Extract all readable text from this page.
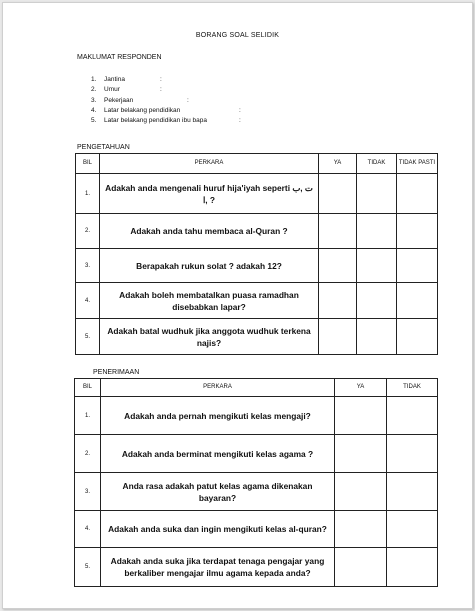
BORANG SOAL SELIDIK
MAKLUMAT RESPONDEN
1. Jantina	:
2. Umur	:
3. Pekerjaan	:
4. Latar belakang pendidikan	:
5. Latar belakang pendidikan ibu bapa	:
PENGETAHUAN
BIL	PERKARA	YA	TIDAK	TIDAK PASTI
1.	Adakah anda mengenali huruf hija'iyah seperti ت ,ب ,ا ?			
2.	Adakah anda tahu membaca al-Quran ?			
3.	Berapakah rukun solat ? adakah 12?			
4.	Adakah boleh membatalkan puasa ramadhan disebabkan lapar?			
5.	Adakah batal wudhuk jika anggota wudhuk terkena najis?			
PENERIMAAN
BIL	PERKARA	YA	TIDAK
1.	Adakah anda pernah mengikuti kelas mengaji?		
2.	Adakah anda berminat mengikuti kelas agama ?		
3.	Anda rasa adakah patut kelas agama dikenakan bayaran?		
4.	Adakah anda suka dan ingin mengikuti kelas al-quran?		
5.	Adakah anda suka jika terdapat tenaga pengajar yang berkaliber mengajar ilmu agama kepada anda?		
